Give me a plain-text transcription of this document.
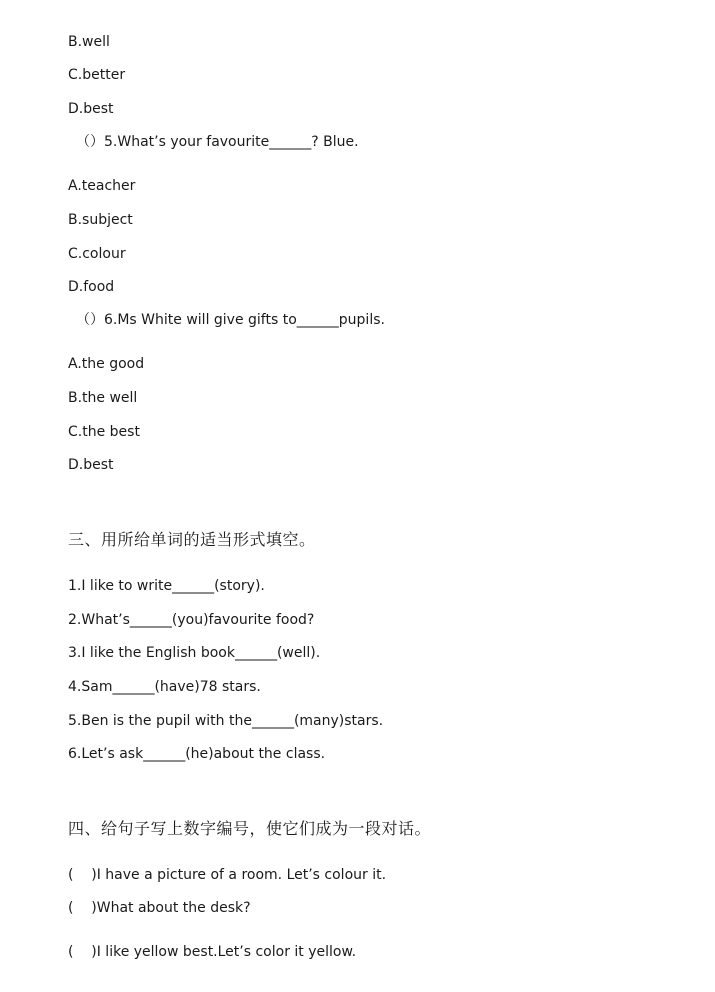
B.well
C.better
D.best
（）5.What’s your favourite______? Blue.
A.teacher
B.subject
C.colour
D.food
（）6.Ms White will give gifts to______pupils.
A.the good
B.the well
C.the best
D.best
三、用所给单词的适当形式填空。
1.I like to write______(story).
2.What’s______(you)favourite food?
3.I like the English book______(well).
4.Sam______(have)78 stars.
5.Ben is the pupil with the______(many)stars.
6.Let’s ask______(he)about the class.
四、给句子写上数字编号，使它们成为一段对话。
(    )I have a picture of a room. Let’s colour it.
(    )What about the desk?
(    )I like yellow best.Let’s color it yellow.
